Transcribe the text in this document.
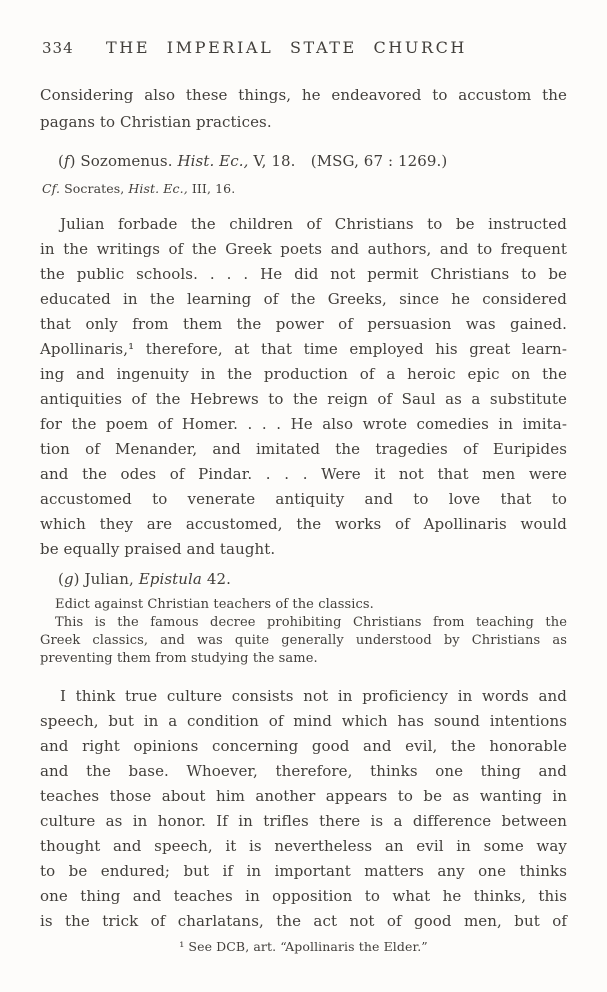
334	THE IMPERIAL STATE CHURCH
Considering also these things, he endeavored to accustom the
pagans to Christian practices.

(f) Sozomenus. Hist. Ec., V, 18.  (MSG, 67 : 1269.)

Cf. Socrates, Hist. Ec., III, 16.

Julian forbade the children of Christians to be instructed
in the writings of the Greek poets and authors, and to frequent
the public schools. . . . He did not permit Christians to be
educated in the learning of the Greeks, since he considered
that only from them the power of persuasion was gained.
Apollinaris,¹ therefore, at that time employed his great learn-
ing and ingenuity in the production of a heroic epic on the
antiquities of the Hebrews to the reign of Saul as a substitute
for the poem of Homer. . . . He also wrote comedies in imita-
tion of Menander, and imitated the tragedies of Euripides
and the odes of Pindar. . . . Were it not that men were
accustomed to venerate antiquity and to love that to
which they are accustomed, the works of Apollinaris would
be equally praised and taught.

(g) Julian, Epistula 42.

Edict against Christian teachers of the classics.
This is the famous decree prohibiting Christians from teaching the
Greek classics, and was quite generally understood by Christians as
preventing them from studying the same.
I think true culture consists not in proficiency in words and
speech, but in a condition of mind which has sound intentions
and right opinions concerning good and evil, the honorable
and the base. Whoever, therefore, thinks one thing and
teaches those about him another appears to be as wanting in
culture as in honor. If in trifles there is a difference between
thought and speech, it is nevertheless an evil in some way
to be endured; but if in important matters any one thinks
one thing and teaches in opposition to what he thinks, this
is the trick of charlatans, the act not of good men, but of
¹ See DCB, art. “Apollinaris the Elder.”
